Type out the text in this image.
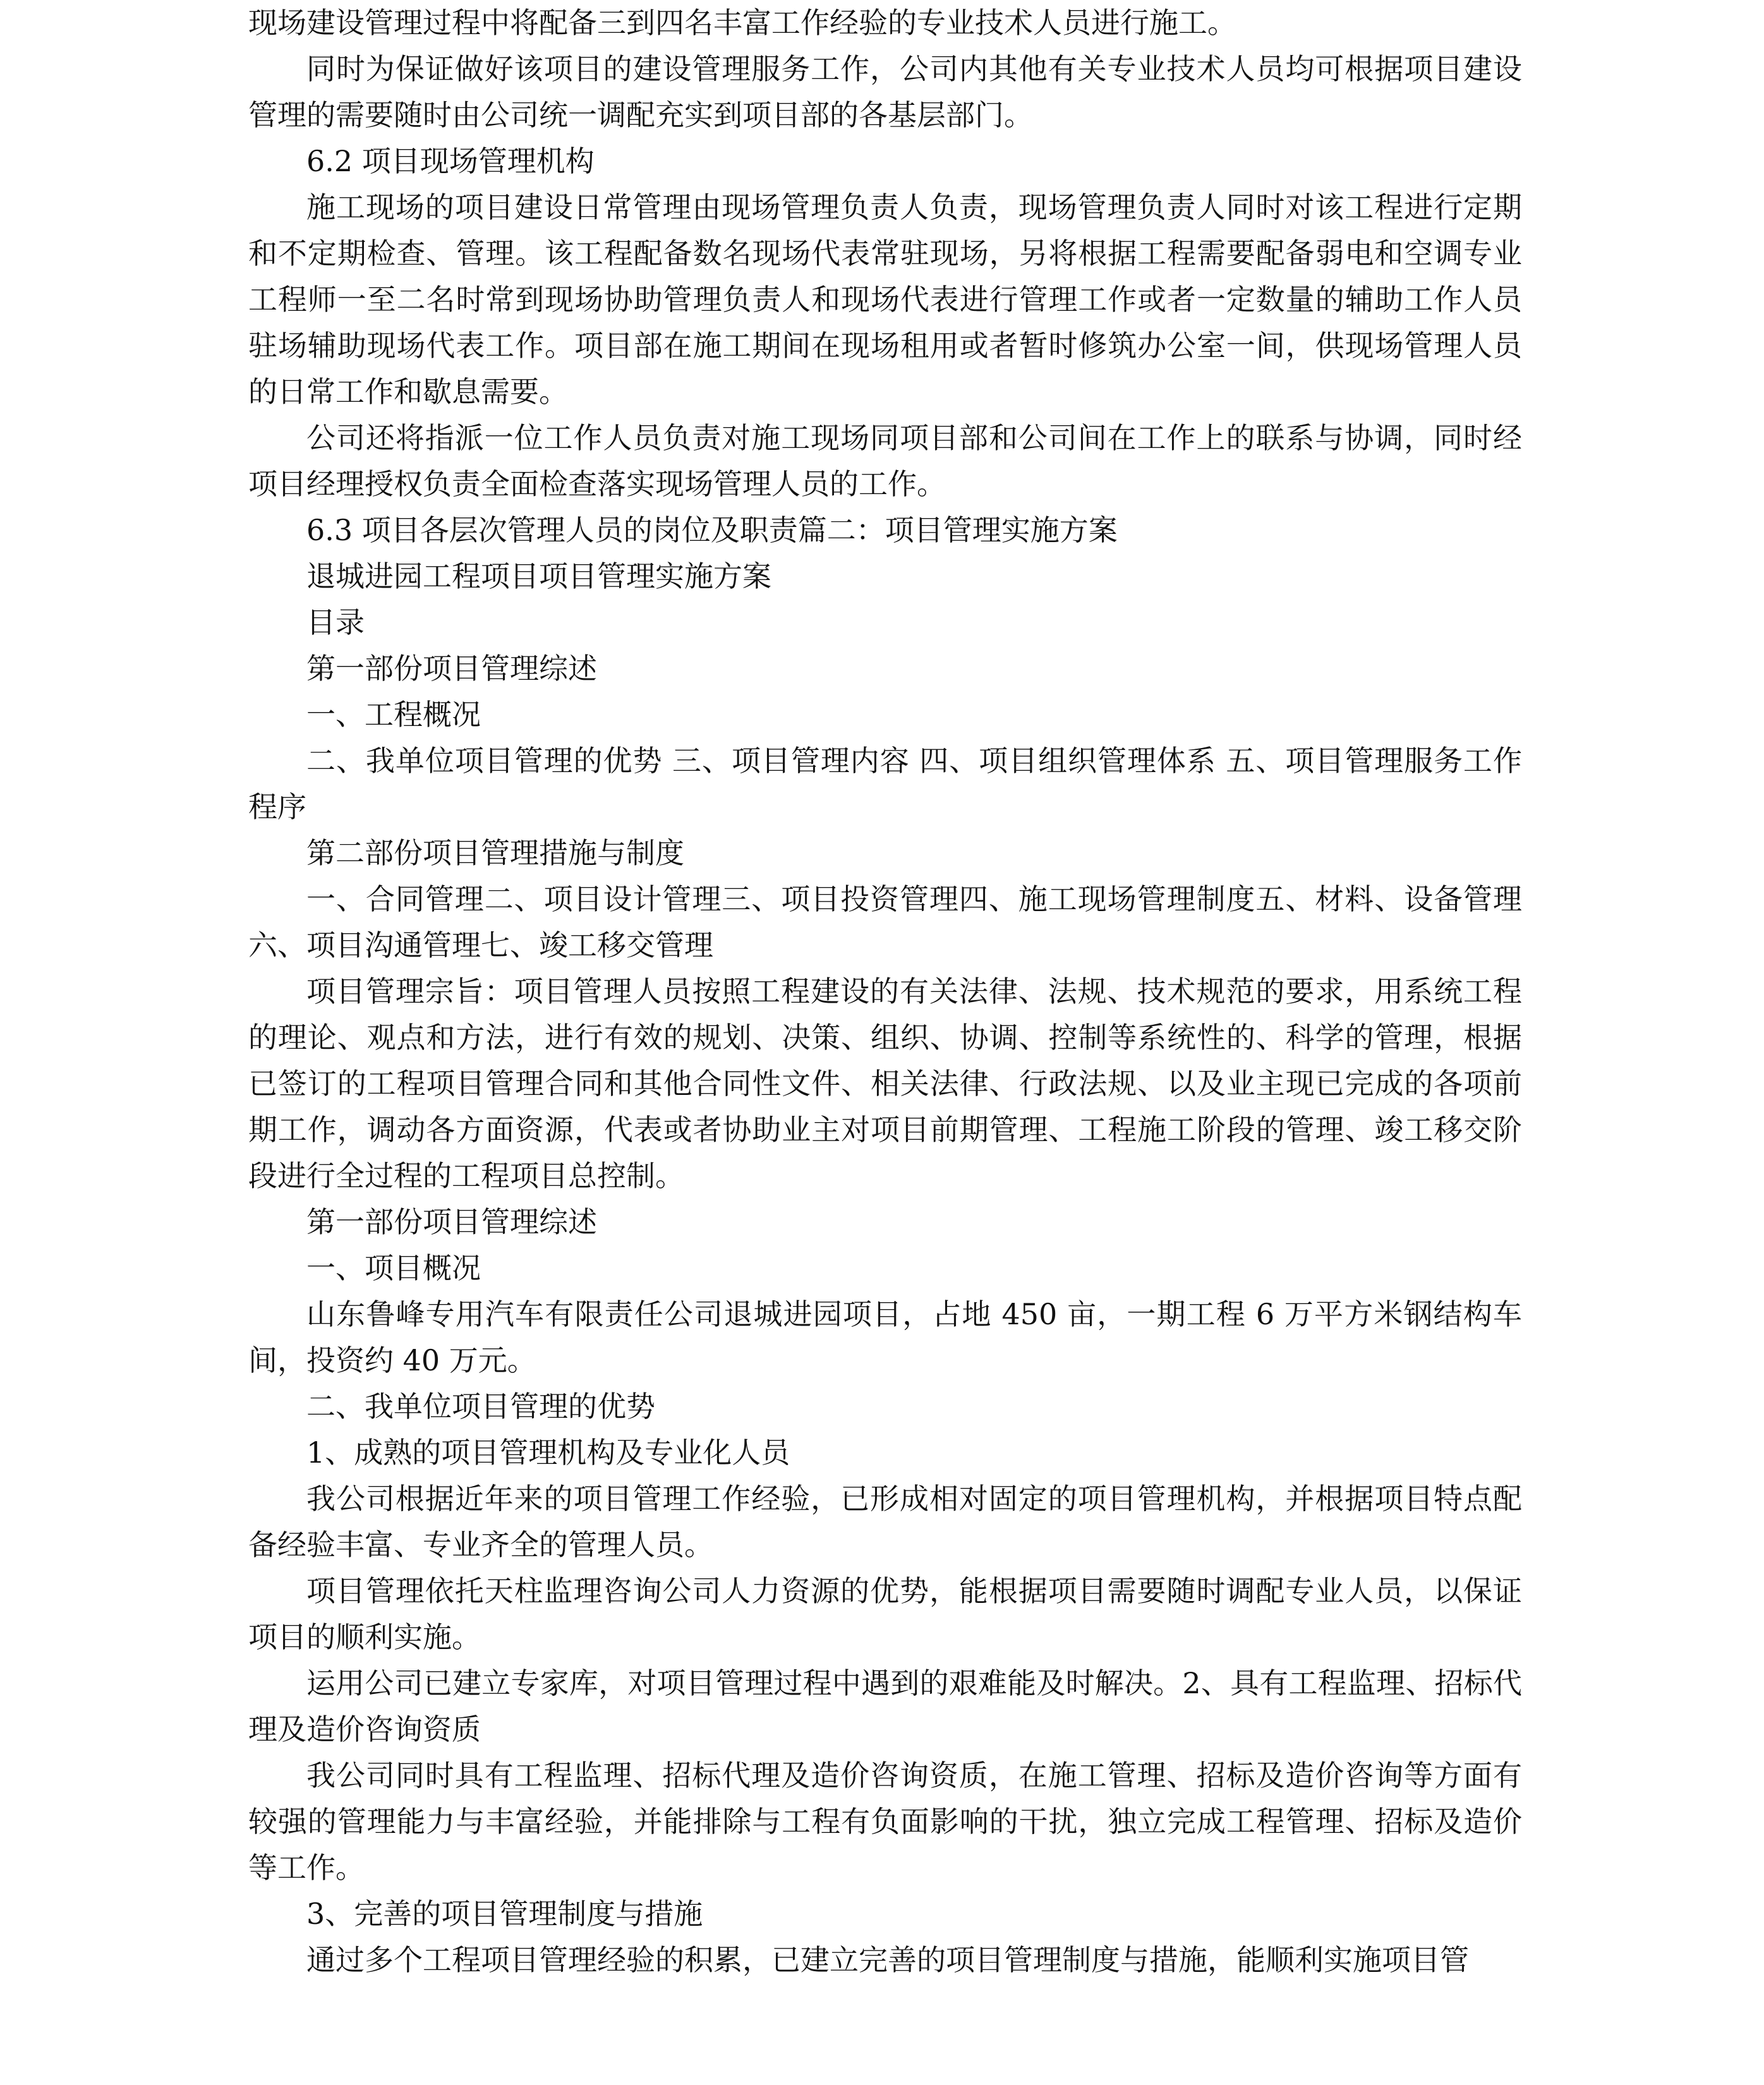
现场建设管理过程中将配备三到四名丰富工作经验的专业技术人员进行施工。

同时为保证做好该项目的建设管理服务工作，公司内其他有关专业技术人员均可根据项目建设管理的需要随时由公司统一调配充实到项目部的各基层部门。

6.2 项目现场管理机构

施工现场的项目建设日常管理由现场管理负责人负责，现场管理负责人同时对该工程进行定期和不定期检查、管理。该工程配备数名现场代表常驻现场，另将根据工程需要配备弱电和空调专业工程师一至二名时常到现场协助管理负责人和现场代表进行管理工作或者一定数量的辅助工作人员驻场辅助现场代表工作。项目部在施工期间在现场租用或者暂时修筑办公室一间，供现场管理人员的日常工作和歇息需要。

公司还将指派一位工作人员负责对施工现场同项目部和公司间在工作上的联系与协调，同时经项目经理授权负责全面检查落实现场管理人员的工作。

6.3 项目各层次管理人员的岗位及职责篇二：项目管理实施方案

退城进园工程项目项目管理实施方案

目录

第一部份项目管理综述

一、工程概况

二、我单位项目管理的优势 三、项目管理内容 四、项目组织管理体系 五、项目管理服务工作程序

第二部份项目管理措施与制度

一、合同管理二、项目设计管理三、项目投资管理四、施工现场管理制度五、材料、设备管理六、项目沟通管理七、竣工移交管理

项目管理宗旨：项目管理人员按照工程建设的有关法律、法规、技术规范的要求，用系统工程的理论、观点和方法，进行有效的规划、决策、组织、协调、控制等系统性的、科学的管理，根据已签订的工程项目管理合同和其他合同性文件、相关法律、行政法规、以及业主现已完成的各项前期工作，调动各方面资源，代表或者协助业主对项目前期管理、工程施工阶段的管理、竣工移交阶段进行全过程的工程项目总控制。

第一部份项目管理综述

一、项目概况

山东鲁峰专用汽车有限责任公司退城进园项目，占地 450 亩，一期工程 6 万平方米钢结构车间，投资约 40 万元。

二、我单位项目管理的优势

1、成熟的项目管理机构及专业化人员

我公司根据近年来的项目管理工作经验，已形成相对固定的项目管理机构，并根据项目特点配备经验丰富、专业齐全的管理人员。

项目管理依托天柱监理咨询公司人力资源的优势，能根据项目需要随时调配专业人员，以保证项目的顺利实施。

运用公司已建立专家库，对项目管理过程中遇到的艰难能及时解决。2、具有工程监理、招标代理及造价咨询资质

我公司同时具有工程监理、招标代理及造价咨询资质，在施工管理、招标及造价咨询等方面有较强的管理能力与丰富经验，并能排除与工程有负面影响的干扰，独立完成工程管理、招标及造价等工作。

3、完善的项目管理制度与措施

通过多个工程项目管理经验的积累，已建立完善的项目管理制度与措施，能顺利实施项目管
